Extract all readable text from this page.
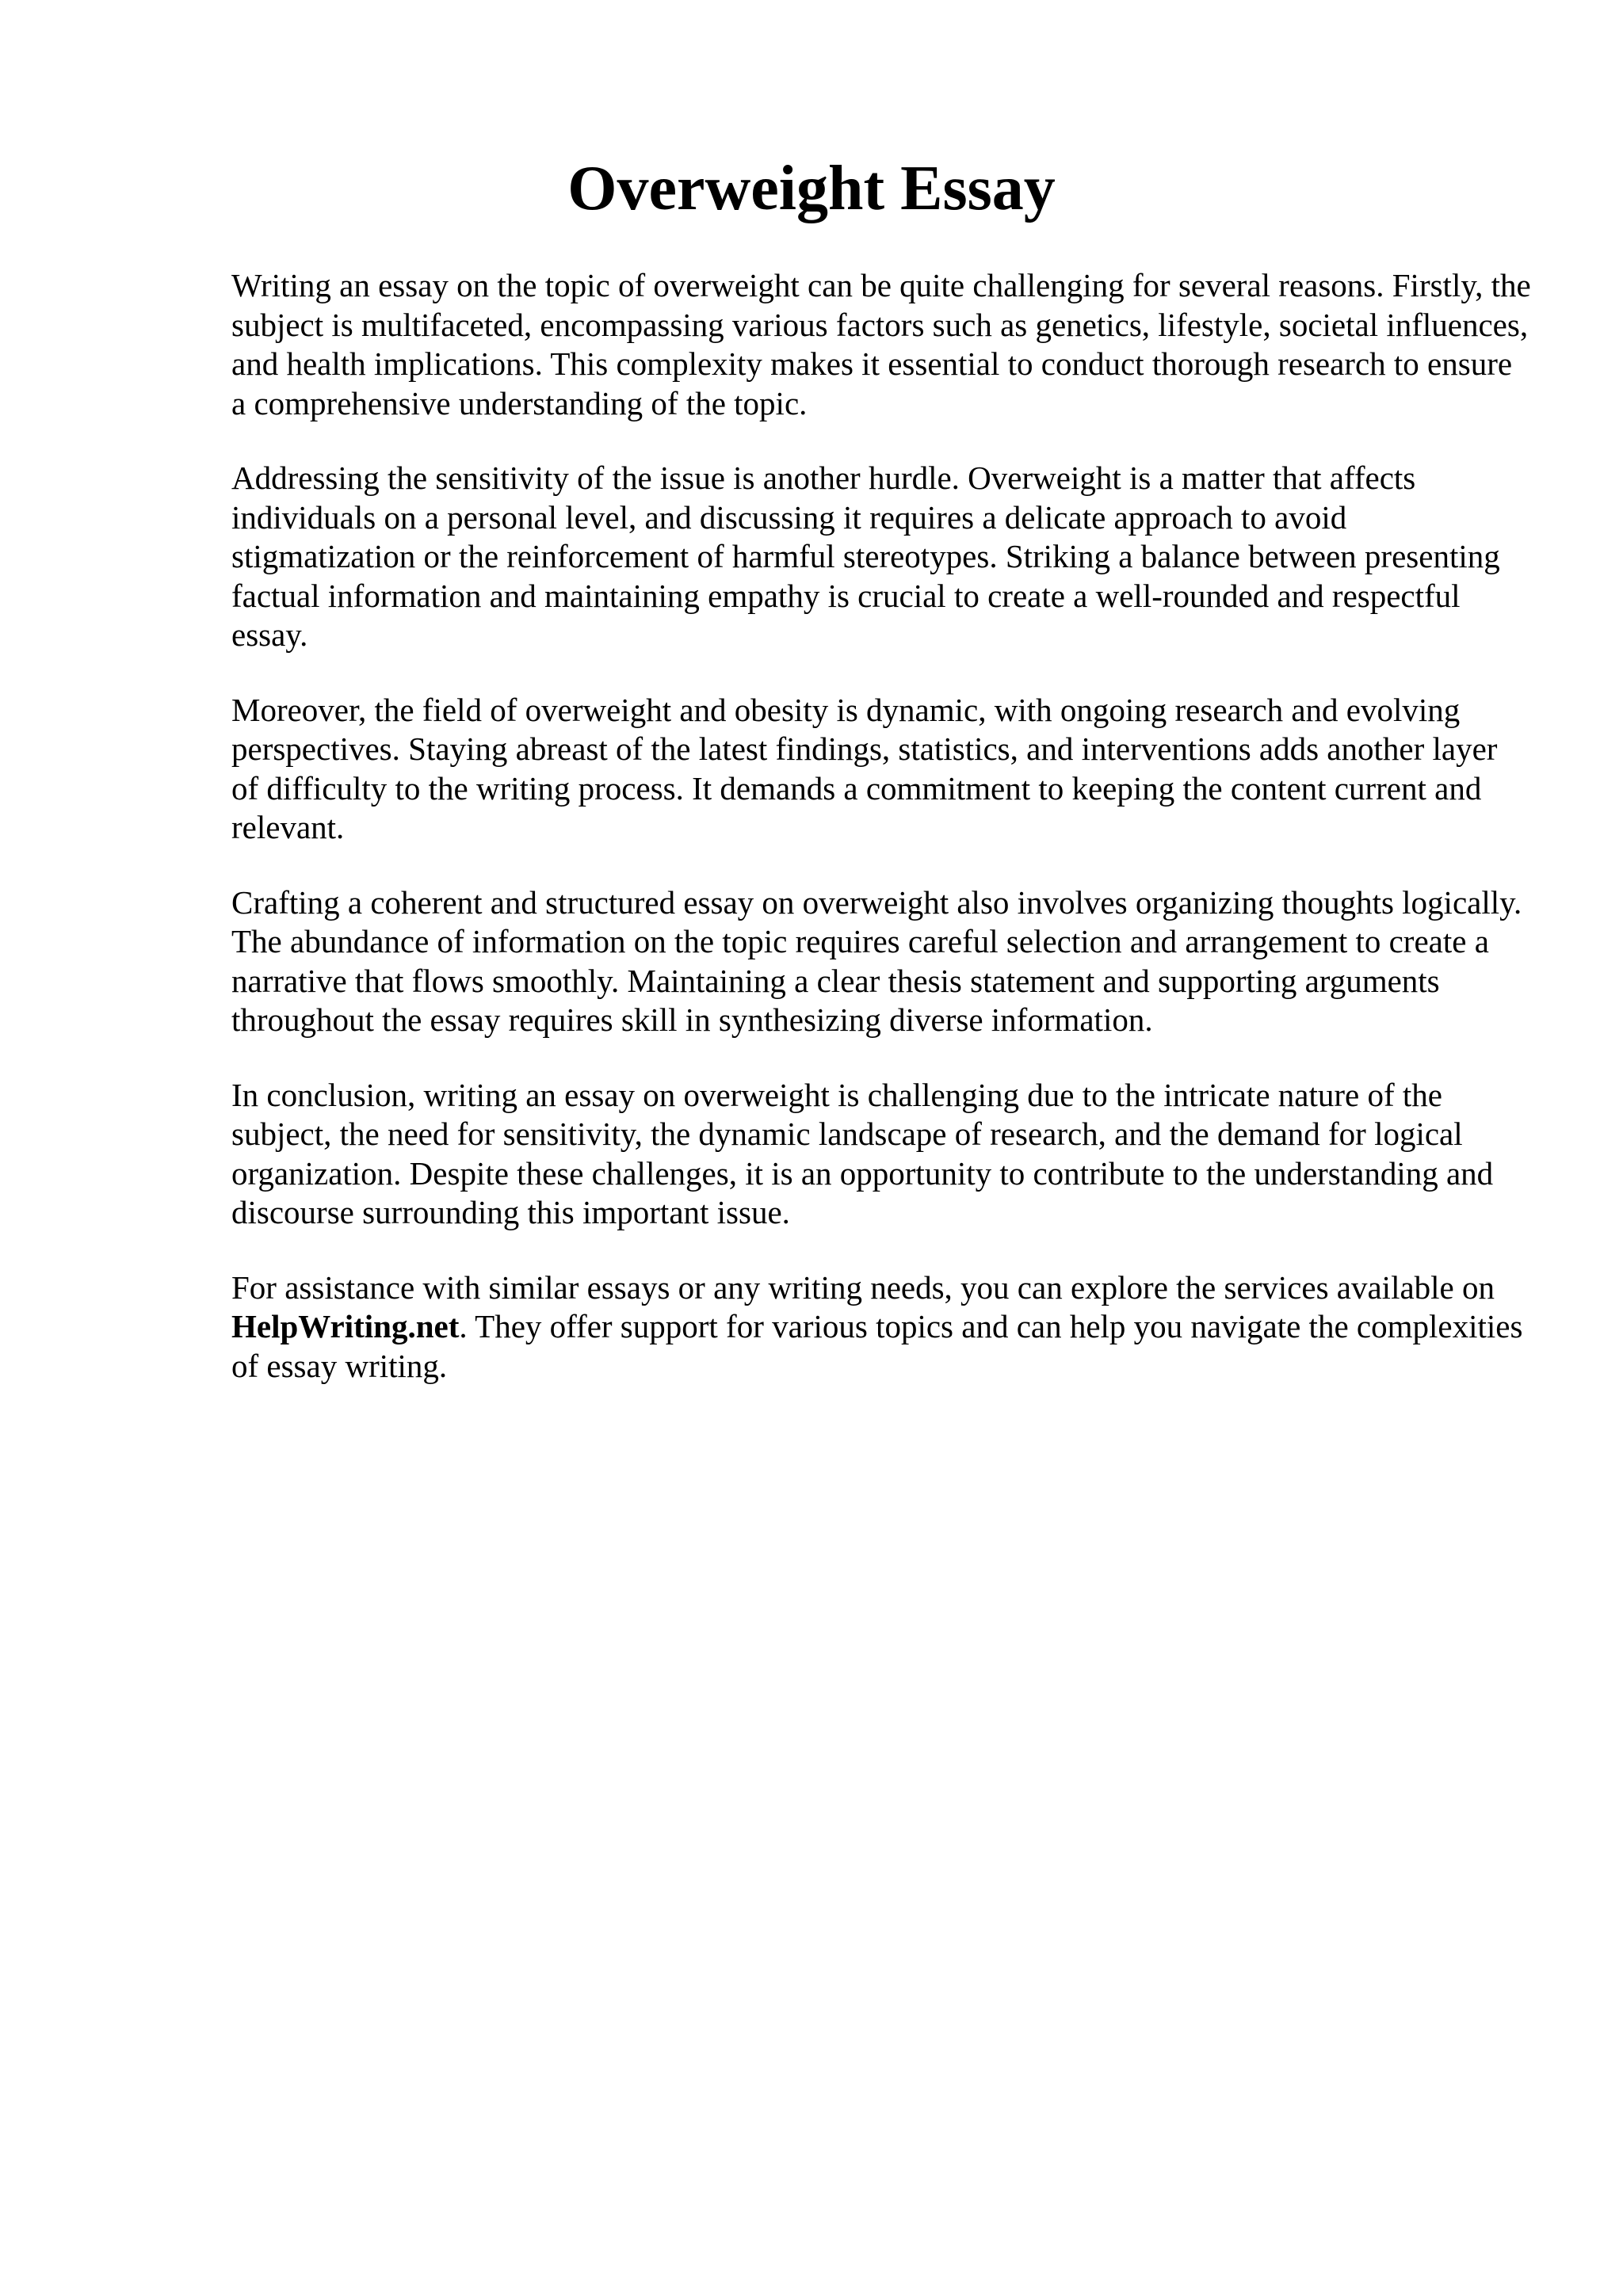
Overweight Essay

Writing an essay on the topic of overweight can be quite challenging for several reasons. Firstly, the subject is multifaceted, encompassing various factors such as genetics, lifestyle, societal influences, and health implications. This complexity makes it essential to conduct thorough research to ensure a comprehensive understanding of the topic.

Addressing the sensitivity of the issue is another hurdle. Overweight is a matter that affects individuals on a personal level, and discussing it requires a delicate approach to avoid stigmatization or the reinforcement of harmful stereotypes. Striking a balance between presenting factual information and maintaining empathy is crucial to create a well-rounded and respectful essay.

Moreover, the field of overweight and obesity is dynamic, with ongoing research and evolving perspectives. Staying abreast of the latest findings, statistics, and interventions adds another layer of difficulty to the writing process. It demands a commitment to keeping the content current and relevant.

Crafting a coherent and structured essay on overweight also involves organizing thoughts logically. The abundance of information on the topic requires careful selection and arrangement to create a narrative that flows smoothly. Maintaining a clear thesis statement and supporting arguments throughout the essay requires skill in synthesizing diverse information.

In conclusion, writing an essay on overweight is challenging due to the intricate nature of the subject, the need for sensitivity, the dynamic landscape of research, and the demand for logical organization. Despite these challenges, it is an opportunity to contribute to the understanding and discourse surrounding this important issue.

For assistance with similar essays or any writing needs, you can explore the services available on HelpWriting.net. They offer support for various topics and can help you navigate the complexities of essay writing.
